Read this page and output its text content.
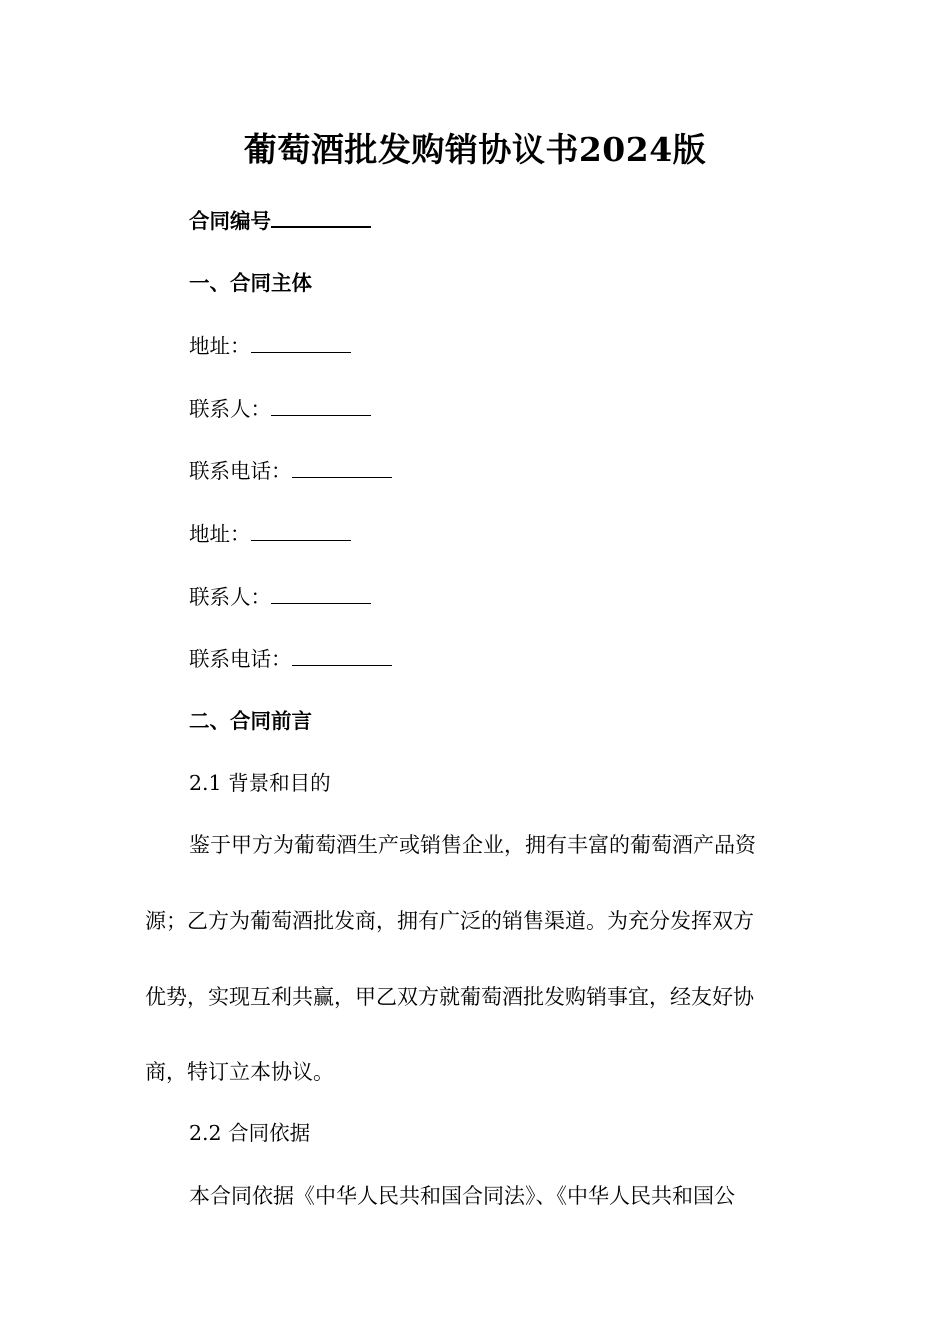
葡萄酒批发购销协议书2024版
合同编号
一、合同主体
地址：
联系人：
联系电话：
地址：
联系人：
联系电话：
二、合同前言
2.1 背景和目的
鉴于甲方为葡萄酒生产或销售企业，拥有丰富的葡萄酒产品资
源；乙方为葡萄酒批发商，拥有广泛的销售渠道。为充分发挥双方
优势，实现互利共赢，甲乙双方就葡萄酒批发购销事宜，经友好协
商，特订立本协议。
2.2 合同依据
本合同依据《中华人民共和国合同法》、《中华人民共和国公
